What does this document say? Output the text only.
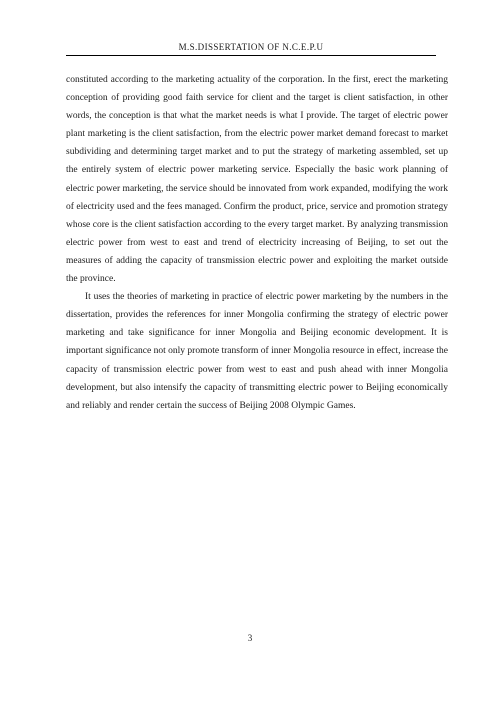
M.S.DISSERTATION OF N.C.E.P.U

constituted according to the marketing actuality of the corporation. In the first, erect the marketing conception of providing good faith service for client and the target is client satisfaction, in other words, the conception is that what the market needs is what I provide. The target of electric power plant marketing is the client satisfaction, from the electric power market demand forecast to market subdividing and determining target market and to put the strategy of marketing assembled, set up the entirely system of electric power marketing service. Especially the basic work planning of electric power marketing, the service should be innovated from work expanded, modifying the work of electricity used and the fees managed. Confirm the product, price, service and promotion strategy whose core is the client satisfaction according to the every target market. By analyzing transmission electric power from west to east and trend of electricity increasing of Beijing, to set out the measures of adding the capacity of transmission electric power and exploiting the market outside the province.

It uses the theories of marketing in practice of electric power marketing by the numbers in the dissertation, provides the references for inner Mongolia confirming the strategy of electric power marketing and take significance for inner Mongolia and Beijing economic development. It is important significance not only promote transform of inner Mongolia resource in effect, increase the capacity of transmission electric power from west to east and push ahead with inner Mongolia development, but also intensify the capacity of transmitting electric power to Beijing economically and reliably and render certain the success of Beijing 2008 Olympic Games.

3
